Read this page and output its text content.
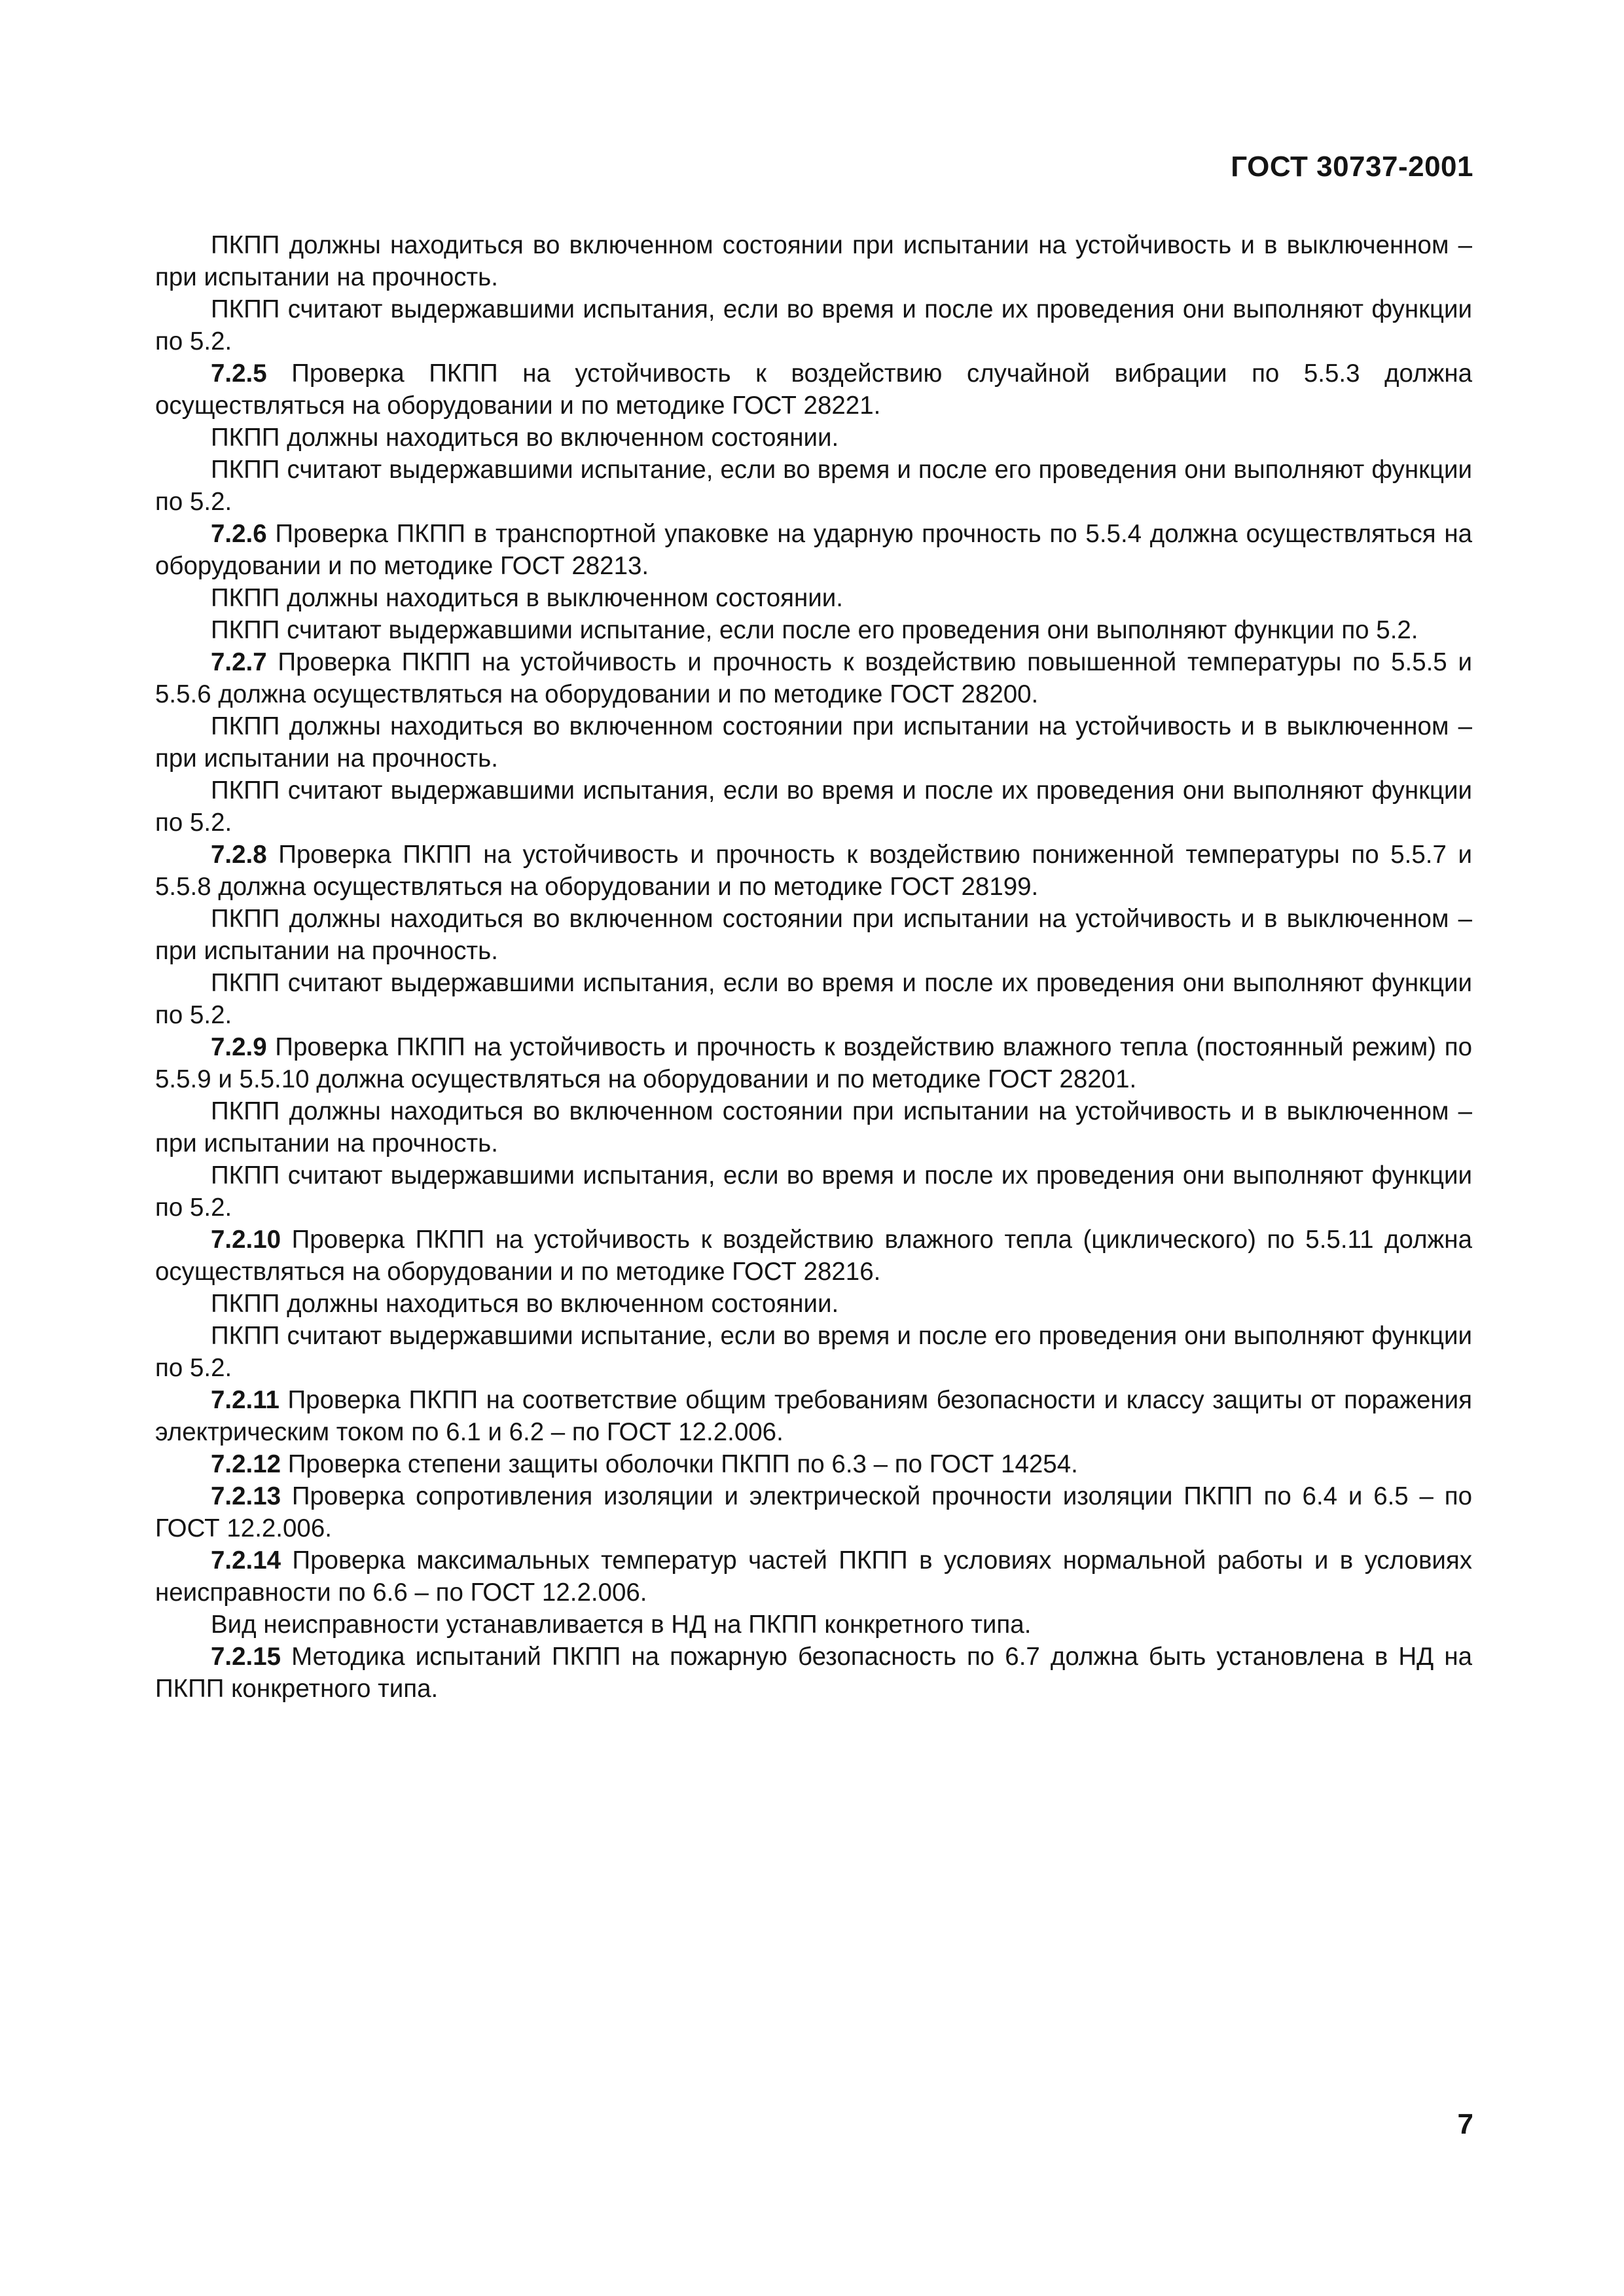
ГОСТ 30737-2001

ПКПП должны находиться во включенном состоянии при испытании на устойчивость и в выключенном – при испытании на прочность.

ПКПП считают выдержавшими испытания, если во время и после их проведения они выполняют функции по 5.2.

7.2.5 Проверка ПКПП на устойчивость к воздействию случайной вибрации по 5.5.3 должна осуществляться на оборудовании и по методике ГОСТ 28221.

ПКПП должны находиться во включенном состоянии.

ПКПП считают выдержавшими испытание, если во время и после его проведения они выполняют функции по 5.2.

7.2.6 Проверка ПКПП в транспортной упаковке на ударную прочность по 5.5.4 должна осуществляться на оборудовании и по методике ГОСТ 28213.

ПКПП должны находиться в выключенном состоянии.

ПКПП считают выдержавшими испытание, если после его проведения они выполняют функции по 5.2.

7.2.7 Проверка ПКПП на устойчивость и прочность к воздействию повышенной температуры по 5.5.5 и 5.5.6 должна осуществляться на оборудовании и по методике ГОСТ 28200.

ПКПП должны находиться во включенном состоянии при испытании на устойчивость и в выключенном – при испытании на прочность.

ПКПП считают выдержавшими испытания, если во время и после их проведения они выполняют функции по 5.2.

7.2.8 Проверка ПКПП на устойчивость и прочность к воздействию пониженной температуры по 5.5.7 и 5.5.8 должна осуществляться на оборудовании и по методике ГОСТ 28199.

ПКПП должны находиться во включенном состоянии при испытании на устойчивость и в выключенном – при испытании на прочность.

ПКПП считают выдержавшими испытания, если во время и после их проведения они выполняют функции по 5.2.

7.2.9 Проверка ПКПП на устойчивость и прочность к воздействию влажного тепла (постоянный режим) по 5.5.9 и 5.5.10 должна осуществляться на оборудовании и по методике ГОСТ 28201.

ПКПП должны находиться во включенном состоянии при испытании на устойчивость и в выключенном – при испытании на прочность.

ПКПП считают выдержавшими испытания, если во время и после их проведения они выполняют функции по 5.2.

7.2.10 Проверка ПКПП на устойчивость к воздействию влажного тепла (циклического) по 5.5.11 должна осуществляться на оборудовании и по методике ГОСТ 28216.

ПКПП должны находиться во включенном состоянии.

ПКПП считают выдержавшими испытание, если во время и после его проведения они выполняют функции по 5.2.

7.2.11 Проверка ПКПП на соответствие общим требованиям безопасности и классу защиты от поражения электрическим током по 6.1 и 6.2 – по ГОСТ 12.2.006.

7.2.12 Проверка степени защиты оболочки ПКПП по 6.3 – по ГОСТ 14254.

7.2.13 Проверка сопротивления изоляции и электрической прочности изоляции ПКПП по 6.4 и 6.5 – по ГОСТ 12.2.006.

7.2.14 Проверка максимальных температур частей ПКПП в условиях нормальной работы и в условиях неисправности по 6.6 – по ГОСТ 12.2.006.

Вид неисправности устанавливается в НД на ПКПП конкретного типа.

7.2.15 Методика испытаний ПКПП на пожарную безопасность по 6.7 должна быть установлена в НД на ПКПП конкретного типа.

7
